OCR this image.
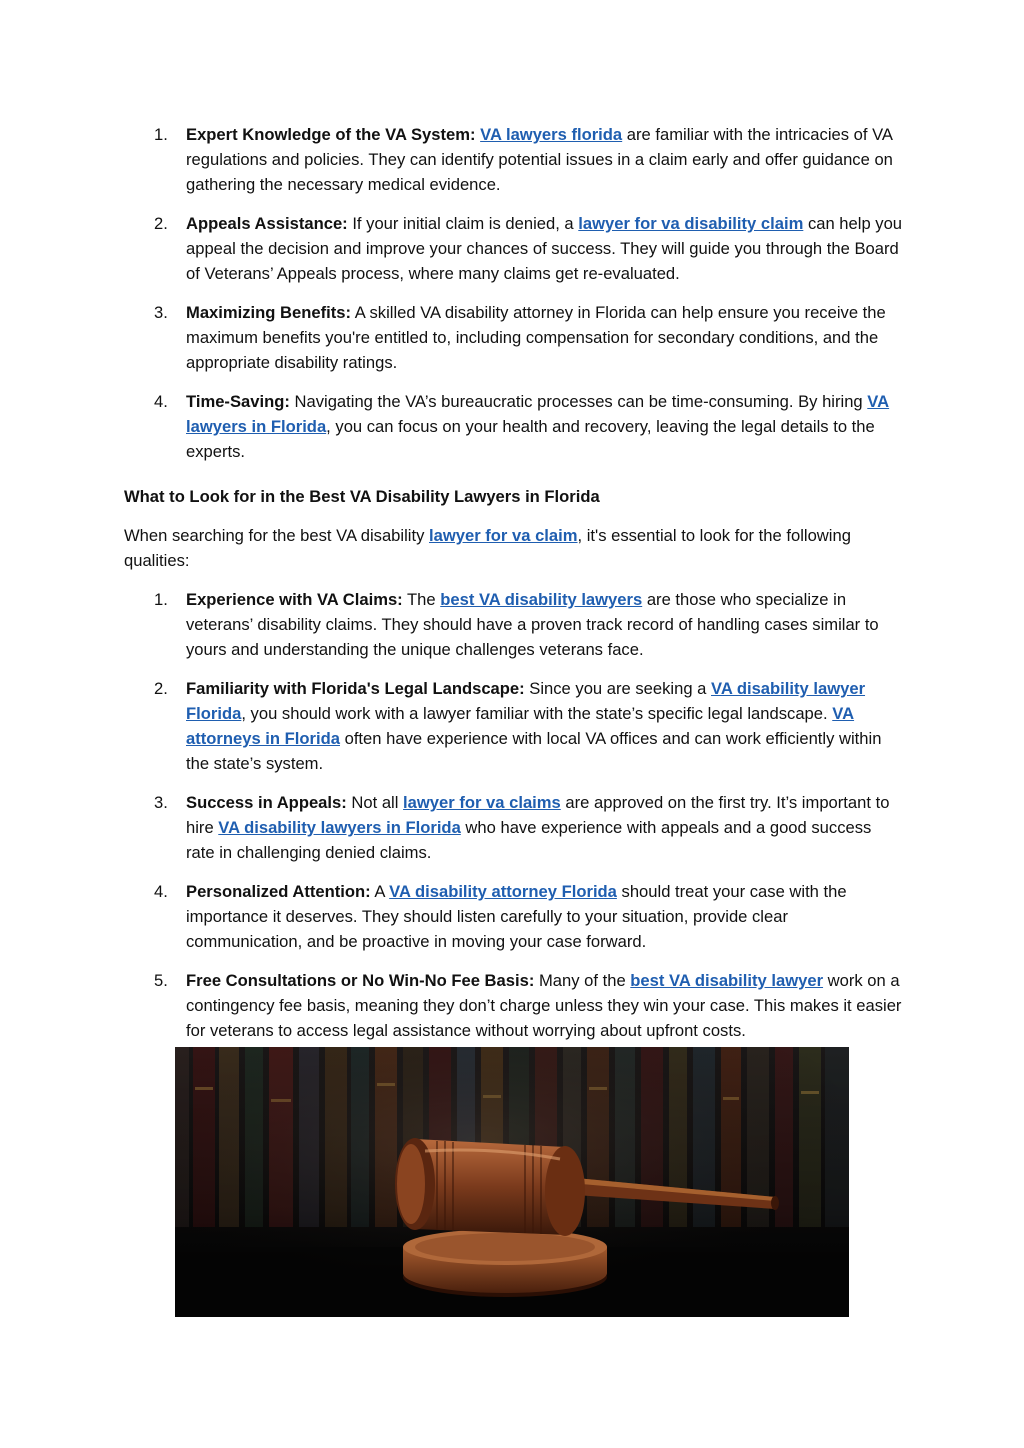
1. Expert Knowledge of the VA System: VA lawyers florida are familiar with the intricacies of VA regulations and policies. They can identify potential issues in a claim early and offer guidance on gathering the necessary medical evidence.
2. Appeals Assistance: If your initial claim is denied, a lawyer for va disability claim can help you appeal the decision and improve your chances of success. They will guide you through the Board of Veterans’ Appeals process, where many claims get re-evaluated.
3. Maximizing Benefits: A skilled VA disability attorney in Florida can help ensure you receive the maximum benefits you're entitled to, including compensation for secondary conditions, and the appropriate disability ratings.
4. Time-Saving: Navigating the VA’s bureaucratic processes can be time-consuming. By hiring VA lawyers in Florida, you can focus on your health and recovery, leaving the legal details to the experts.
What to Look for in the Best VA Disability Lawyers in Florida

When searching for the best VA disability lawyer for va claim, it's essential to look for the following qualities:

1. Experience with VA Claims: The best VA disability lawyers are those who specialize in veterans’ disability claims. They should have a proven track record of handling cases similar to yours and understanding the unique challenges veterans face.
2. Familiarity with Florida's Legal Landscape: Since you are seeking a VA disability lawyer Florida, you should work with a lawyer familiar with the state’s specific legal landscape. VA attorneys in Florida often have experience with local VA offices and can work efficiently within the state’s system.
3. Success in Appeals: Not all lawyer for va claims are approved on the first try. It’s important to hire VA disability lawyers in Florida who have experience with appeals and a good success rate in challenging denied claims.
4. Personalized Attention: A VA disability attorney Florida should treat your case with the importance it deserves. They should listen carefully to your situation, provide clear communication, and be proactive in moving your case forward.
5. Free Consultations or No Win-No Fee Basis: Many of the best VA disability lawyer work on a contingency fee basis, meaning they don’t charge unless they win your case. This makes it easier for veterans to access legal assistance without worrying about upfront costs.
